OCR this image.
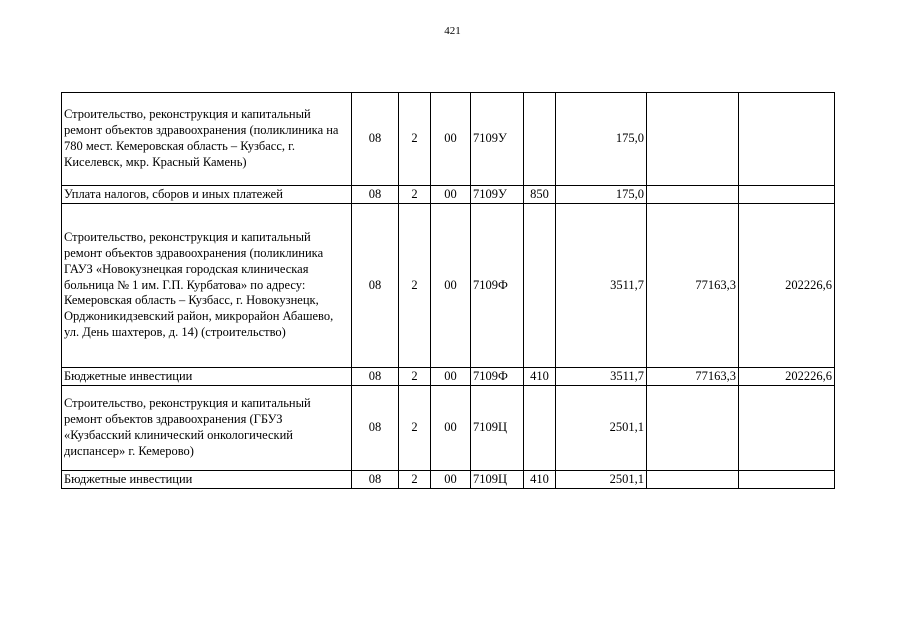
421
Строительство, реконструкция и капитальный ремонт объектов здравоохранения (поликлиника на 780 мест. Кемеровская область – Кузбасс, г. Киселевск, мкр. Красный Камень)	08	2	00	7109У		175,0		
Уплата налогов, сборов и иных платежей	08	2	00	7109У	850	175,0		
Строительство, реконструкция и капитальный ремонт объектов здравоохранения (поликлиника ГАУЗ «Новокузнецкая городская клиническая больница № 1 им. Г.П. Курбатова» по адресу: Кемеровская область – Кузбасс, г. Новокузнецк, Орджоникидзевский район, микрорайон Абашево, ул. День шахтеров, д. 14) (строительство)	08	2	00	7109Ф		3511,7	77163,3	202226,6
Бюджетные инвестиции	08	2	00	7109Ф	410	3511,7	77163,3	202226,6
Строительство, реконструкция и капитальный ремонт объектов здравоохранения (ГБУЗ «Кузбасский клинический онкологический диспансер» г. Кемерово)	08	2	00	7109Ц		2501,1		
Бюджетные инвестиции	08	2	00	7109Ц	410	2501,1		
